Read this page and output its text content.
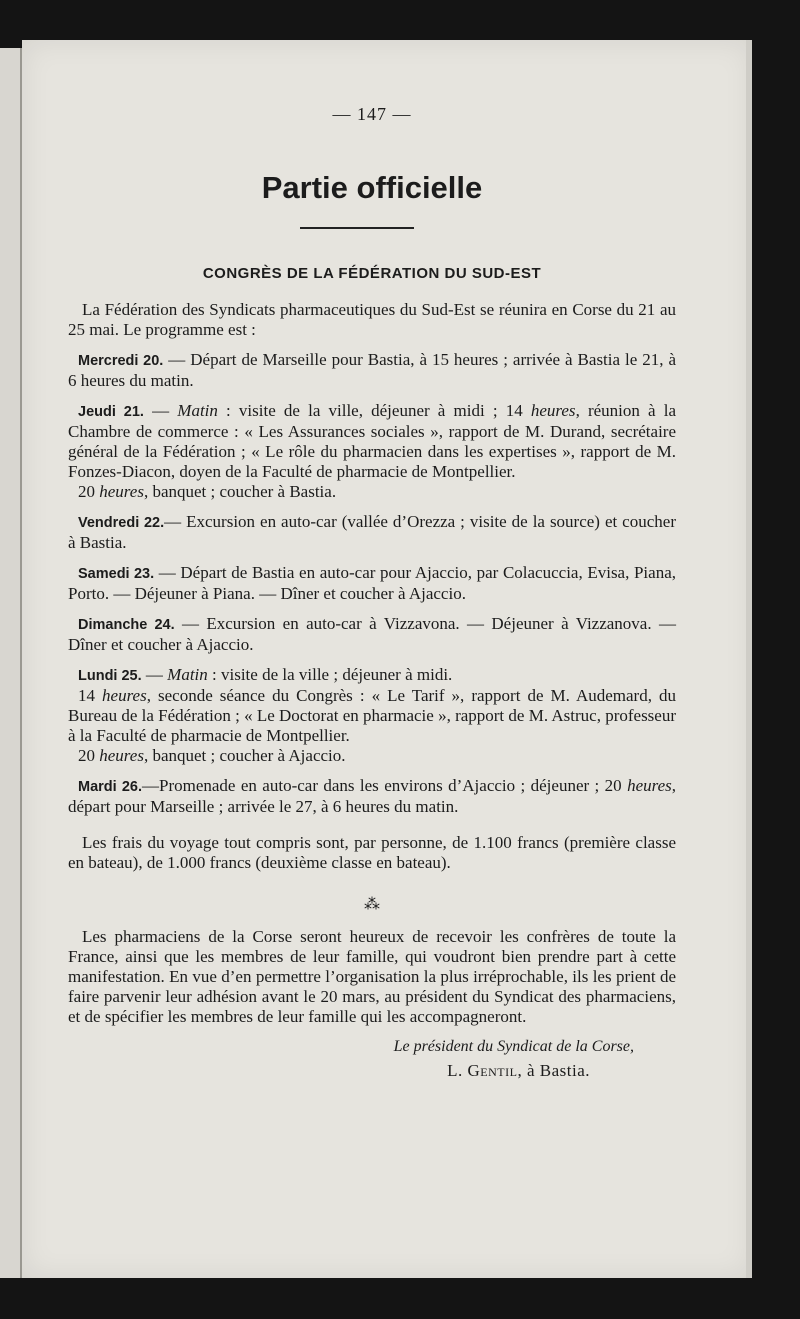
— 147 —
Partie officielle
CONGRÈS DE LA FÉDÉRATION DU SUD-EST

La Fédération des Syndicats pharmaceutiques du Sud-Est se réunira en Corse du 21 au 25 mai. Le programme est :

Mercredi 20. — Départ de Marseille pour Bastia, à 15 heures ; arrivée à Bastia le 21, à 6 heures du matin.

Jeudi 21. — Matin : visite de la ville, déjeuner à midi ; 14 heures, réunion à la Chambre de commerce : « Les Assurances sociales », rapport de M. Durand, secrétaire général de la Fédération ; « Le rôle du pharmacien dans les expertises », rapport de M. Fonzes-Diacon, doyen de la Faculté de pharmacie de Montpellier.
20 heures, banquet ; coucher à Bastia.

Vendredi 22.— Excursion en auto-car (vallée d’Orezza ; visite de la source) et coucher à Bastia.

Samedi 23. — Départ de Bastia en auto-car pour Ajaccio, par Colacuccia, Evisa, Piana, Porto. — Déjeuner à Piana. — Dîner et coucher à Ajaccio.

Dimanche 24. — Excursion en auto-car à Vizzavona. — Déjeuner à Vizzanova. — Dîner et coucher à Ajaccio.

Lundi 25. — Matin : visite de la ville ; déjeuner à midi.
14 heures, seconde séance du Congrès : « Le Tarif », rapport de M. Audemard, du Bureau de la Fédération ; « Le Doctorat en pharmacie », rapport de M. Astruc, professeur à la Faculté de pharmacie de Montpellier.
20 heures, banquet ; coucher à Ajaccio.

Mardi 26.—Promenade en auto-car dans les environs d’Ajaccio ; déjeuner ; 20 heures, départ pour Marseille ; arrivée le 27, à 6 heures du matin.

Les frais du voyage tout compris sont, par personne, de 1.100 francs (première classe en bateau), de 1.000 francs (deuxième classe en bateau).

⁂

Les pharmaciens de la Corse seront heureux de recevoir les confrères de toute la France, ainsi que les membres de leur famille, qui voudront bien prendre part à cette manifestation. En vue d’en permettre l’organisation la plus irréprochable, ils les prient de faire parvenir leur adhésion avant le 20 mars, au président du Syndicat des pharmaciens, et de spécifier les membres de leur famille qui les accompagneront.

Le président du Syndicat de la Corse,
L. Gentil, à Bastia.
